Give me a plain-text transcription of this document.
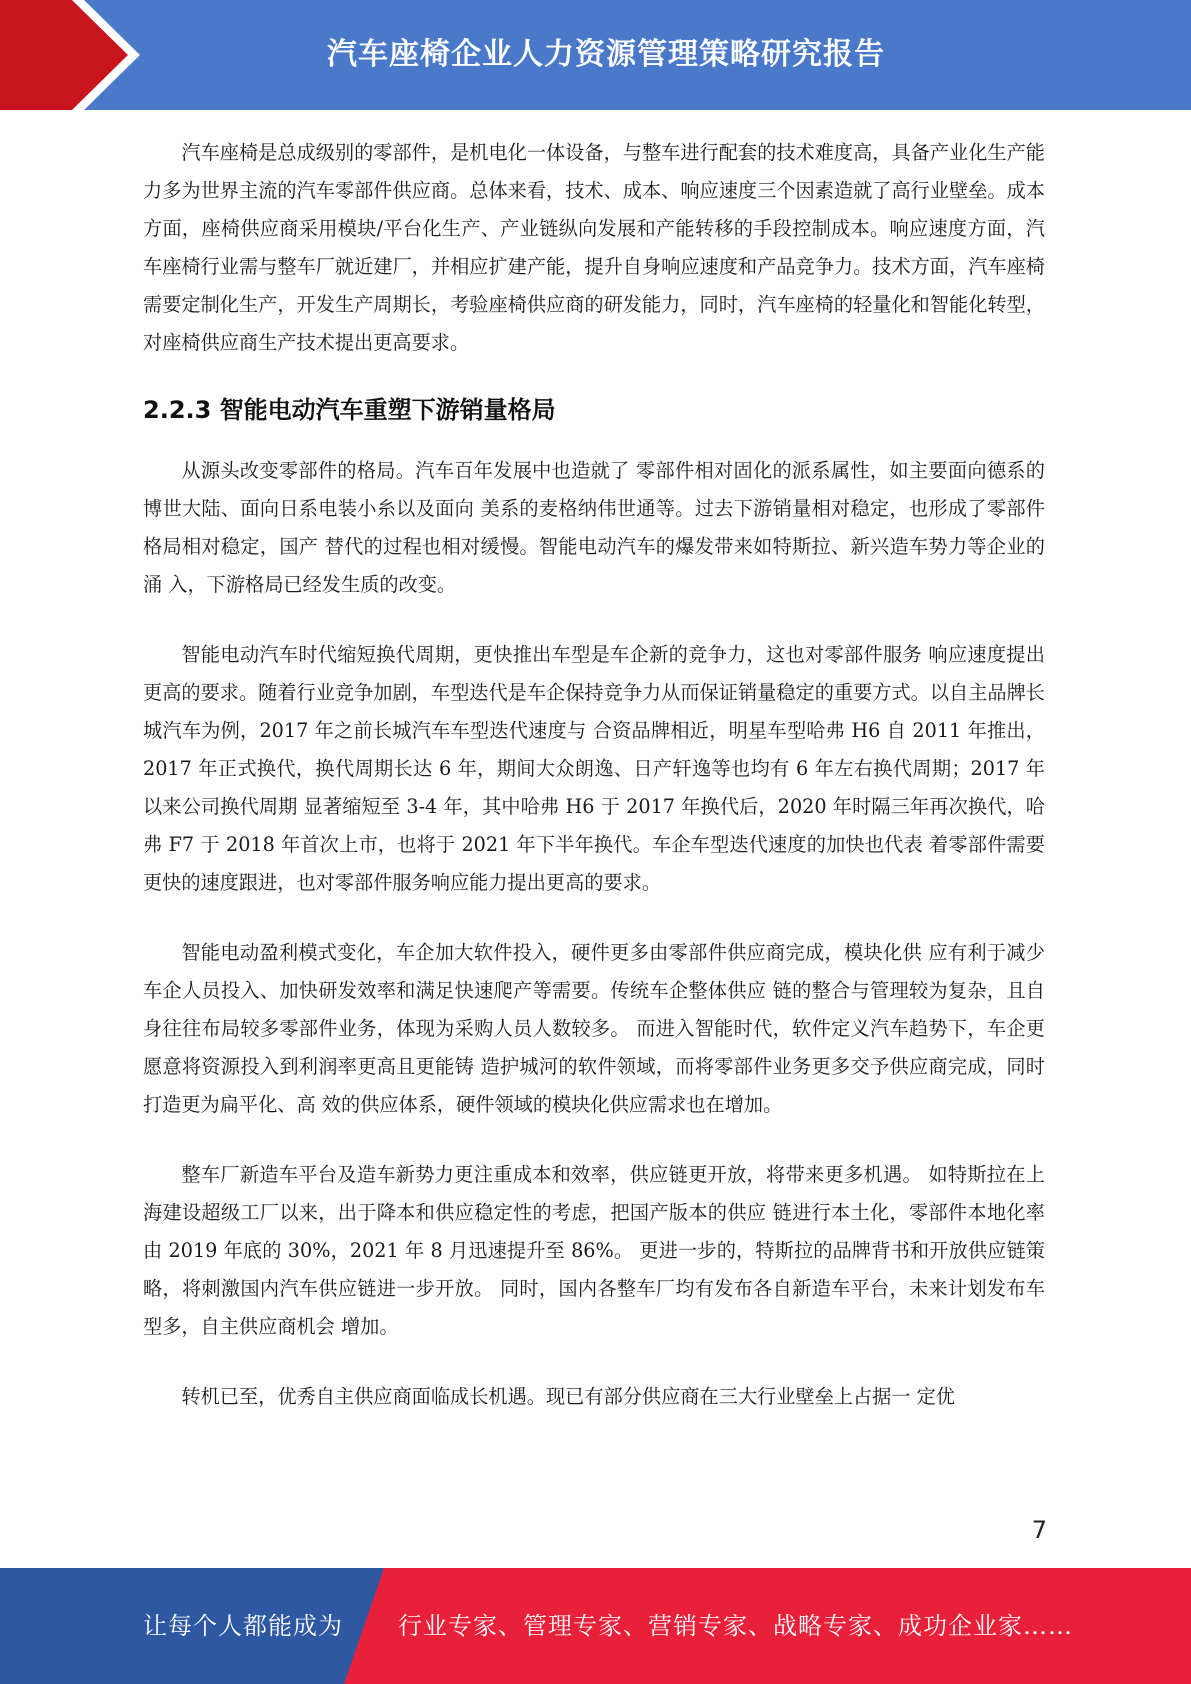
汽车座椅企业人力资源管理策略研究报告

汽车座椅是总成级别的零部件，是机电化一体设备，与整车进行配套的技术难度高，具备产业化生产能力多为世界主流的汽车零部件供应商。总体来看，技术、成本、响应速度三个因素造就了高行业壁垒。成本方面，座椅供应商采用模块/平台化生产、产业链纵向发展和产能转移的手段控制成本。响应速度方面，汽车座椅行业需与整车厂就近建厂，并相应扩建产能，提升自身响应速度和产品竞争力。技术方面，汽车座椅需要定制化生产，开发生产周期长，考验座椅供应商的研发能力，同时，汽车座椅的轻量化和智能化转型，对座椅供应商生产技术提出更高要求。

2.2.3 智能电动汽车重塑下游销量格局

从源头改变零部件的格局。汽车百年发展中也造就了 零部件相对固化的派系属性，如主要面向德系的博世大陆、面向日系电装小糸以及面向 美系的麦格纳伟世通等。过去下游销量相对稳定，也形成了零部件格局相对稳定，国产 替代的过程也相对缓慢。智能电动汽车的爆发带来如特斯拉、新兴造车势力等企业的涌 入，下游格局已经发生质的改变。

智能电动汽车时代缩短换代周期，更快推出车型是车企新的竞争力，这也对零部件服务 响应速度提出更高的要求。随着行业竞争加剧，车型迭代是车企保持竞争力从而保证销量稳定的重要方式。以自主品牌长城汽车为例，2017 年之前长城汽车车型迭代速度与 合资品牌相近，明星车型哈弗 H6 自 2011 年推出，2017 年正式换代，换代周期长达 6 年，期间大众朗逸、日产轩逸等也均有 6 年左右换代周期；2017 年以来公司换代周期 显著缩短至 3-4 年，其中哈弗 H6 于 2017 年换代后，2020 年时隔三年再次换代，哈弗 F7 于 2018 年首次上市，也将于 2021 年下半年换代。车企车型迭代速度的加快也代表 着零部件需要更快的速度跟进，也对零部件服务响应能力提出更高的要求。

智能电动盈利模式变化，车企加大软件投入，硬件更多由零部件供应商完成，模块化供 应有利于减少车企人员投入、加快研发效率和满足快速爬产等需要。传统车企整体供应 链的整合与管理较为复杂，且自身往往布局较多零部件业务，体现为采购人员人数较多。 而进入智能时代，软件定义汽车趋势下，车企更愿意将资源投入到利润率更高且更能铸 造护城河的软件领域，而将零部件业务更多交予供应商完成，同时打造更为扁平化、高 效的供应体系，硬件领域的模块化供应需求也在增加。

整车厂新造车平台及造车新势力更注重成本和效率，供应链更开放，将带来更多机遇。 如特斯拉在上海建设超级工厂以来，出于降本和供应稳定性的考虑，把国产版本的供应 链进行本土化，零部件本地化率由 2019 年底的 30%，2021 年 8 月迅速提升至 86%。 更进一步的，特斯拉的品牌背书和开放供应链策略，将刺激国内汽车供应链进一步开放。 同时，国内各整车厂均有发布各自新造车平台，未来计划发布车型多，自主供应商机会 增加。

转机已至，优秀自主供应商面临成长机遇。现已有部分供应商在三大行业壁垒上占据一 定优

7
让每个人都能成为 行业专家、管理专家、营销专家、战略专家、成功企业家……
